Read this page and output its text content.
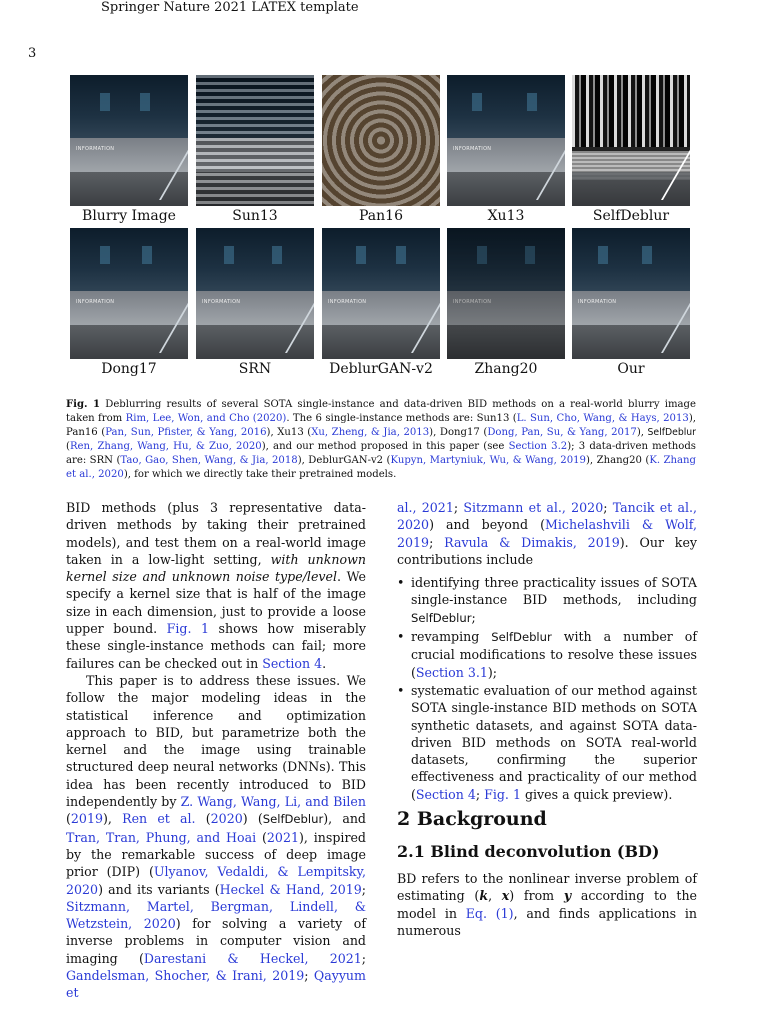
Springer Nature 2021 LATEX template
3
INFORMATION
Blurry Image	Sun13	Pan16
INFORMATION
Xu13	SelfDeblur
INFORMATION
Dong17
INFORMATION
SRN
INFORMATION
DeblurGAN-v2
INFORMATION
Zhang20
INFORMATION
Our
Fig. 1 Deblurring results of several SOTA single-instance and data-driven BID methods on a real-world blurry image taken from Rim, Lee, Won, and Cho (2020). The 6 single-instance methods are: Sun13 (L. Sun, Cho, Wang, & Hays, 2013), Pan16 (Pan, Sun, Pfister, & Yang, 2016), Xu13 (Xu, Zheng, & Jia, 2013), Dong17 (Dong, Pan, Su, & Yang, 2017), SelfDeblur (Ren, Zhang, Wang, Hu, & Zuo, 2020), and our method proposed in this paper (see Section 3.2); 3 data-driven methods are: SRN (Tao, Gao, Shen, Wang, & Jia, 2018), DeblurGAN-v2 (Kupyn, Martyniuk, Wu, & Wang, 2019), Zhang20 (K. Zhang et al., 2020), for which we directly take their pretrained models.

BID methods (plus 3 representative data-driven methods by taking their pretrained models), and test them on a real-world image taken in a low-light setting, with unknown kernel size and unknown noise type/level. We specify a kernel size that is half of the image size in each dimension, just to provide a loose upper bound. Fig. 1 shows how miserably these single-instance methods can fail; more failures can be checked out in Section 4.

This paper is to address these issues. We follow the major modeling ideas in the statistical inference and optimization approach to BID, but parametrize both the kernel and the image using trainable structured deep neural networks (DNNs). This idea has been recently introduced to BID independently by Z. Wang, Wang, Li, and Bilen (2019), Ren et al. (2020) (SelfDeblur), and Tran, Tran, Phung, and Hoai (2021), inspired by the remarkable success of deep image prior (DIP) (Ulyanov, Vedaldi, & Lempitsky, 2020) and its variants (Heckel & Hand, 2019; Sitzmann, Martel, Bergman, Lindell, & Wetzstein, 2020) for solving a variety of inverse problems in computer vision and imaging (Darestani & Heckel, 2021; Gandelsman, Shocher, & Irani, 2019; Qayyum et

al., 2021; Sitzmann et al., 2020; Tancik et al., 2020) and beyond (Michelashvili & Wolf, 2019; Ravula & Dimakis, 2019). Our key contributions include

• identifying three practicality issues of SOTA single-instance BID methods, including SelfDeblur;
• revamping SelfDeblur with a number of crucial modifications to resolve these issues (Section 3.1);
• systematic evaluation of our method against SOTA single-instance BID methods on SOTA synthetic datasets, and against SOTA data-driven BID methods on SOTA real-world datasets, confirming the superior effectiveness and practicality of our method (Section 4; Fig. 1 gives a quick preview).
2 Background
2.1 Blind deconvolution (BD)
BD refers to the nonlinear inverse problem of estimating (k, x) from y according to the model in Eq. (1), and finds applications in numerous
